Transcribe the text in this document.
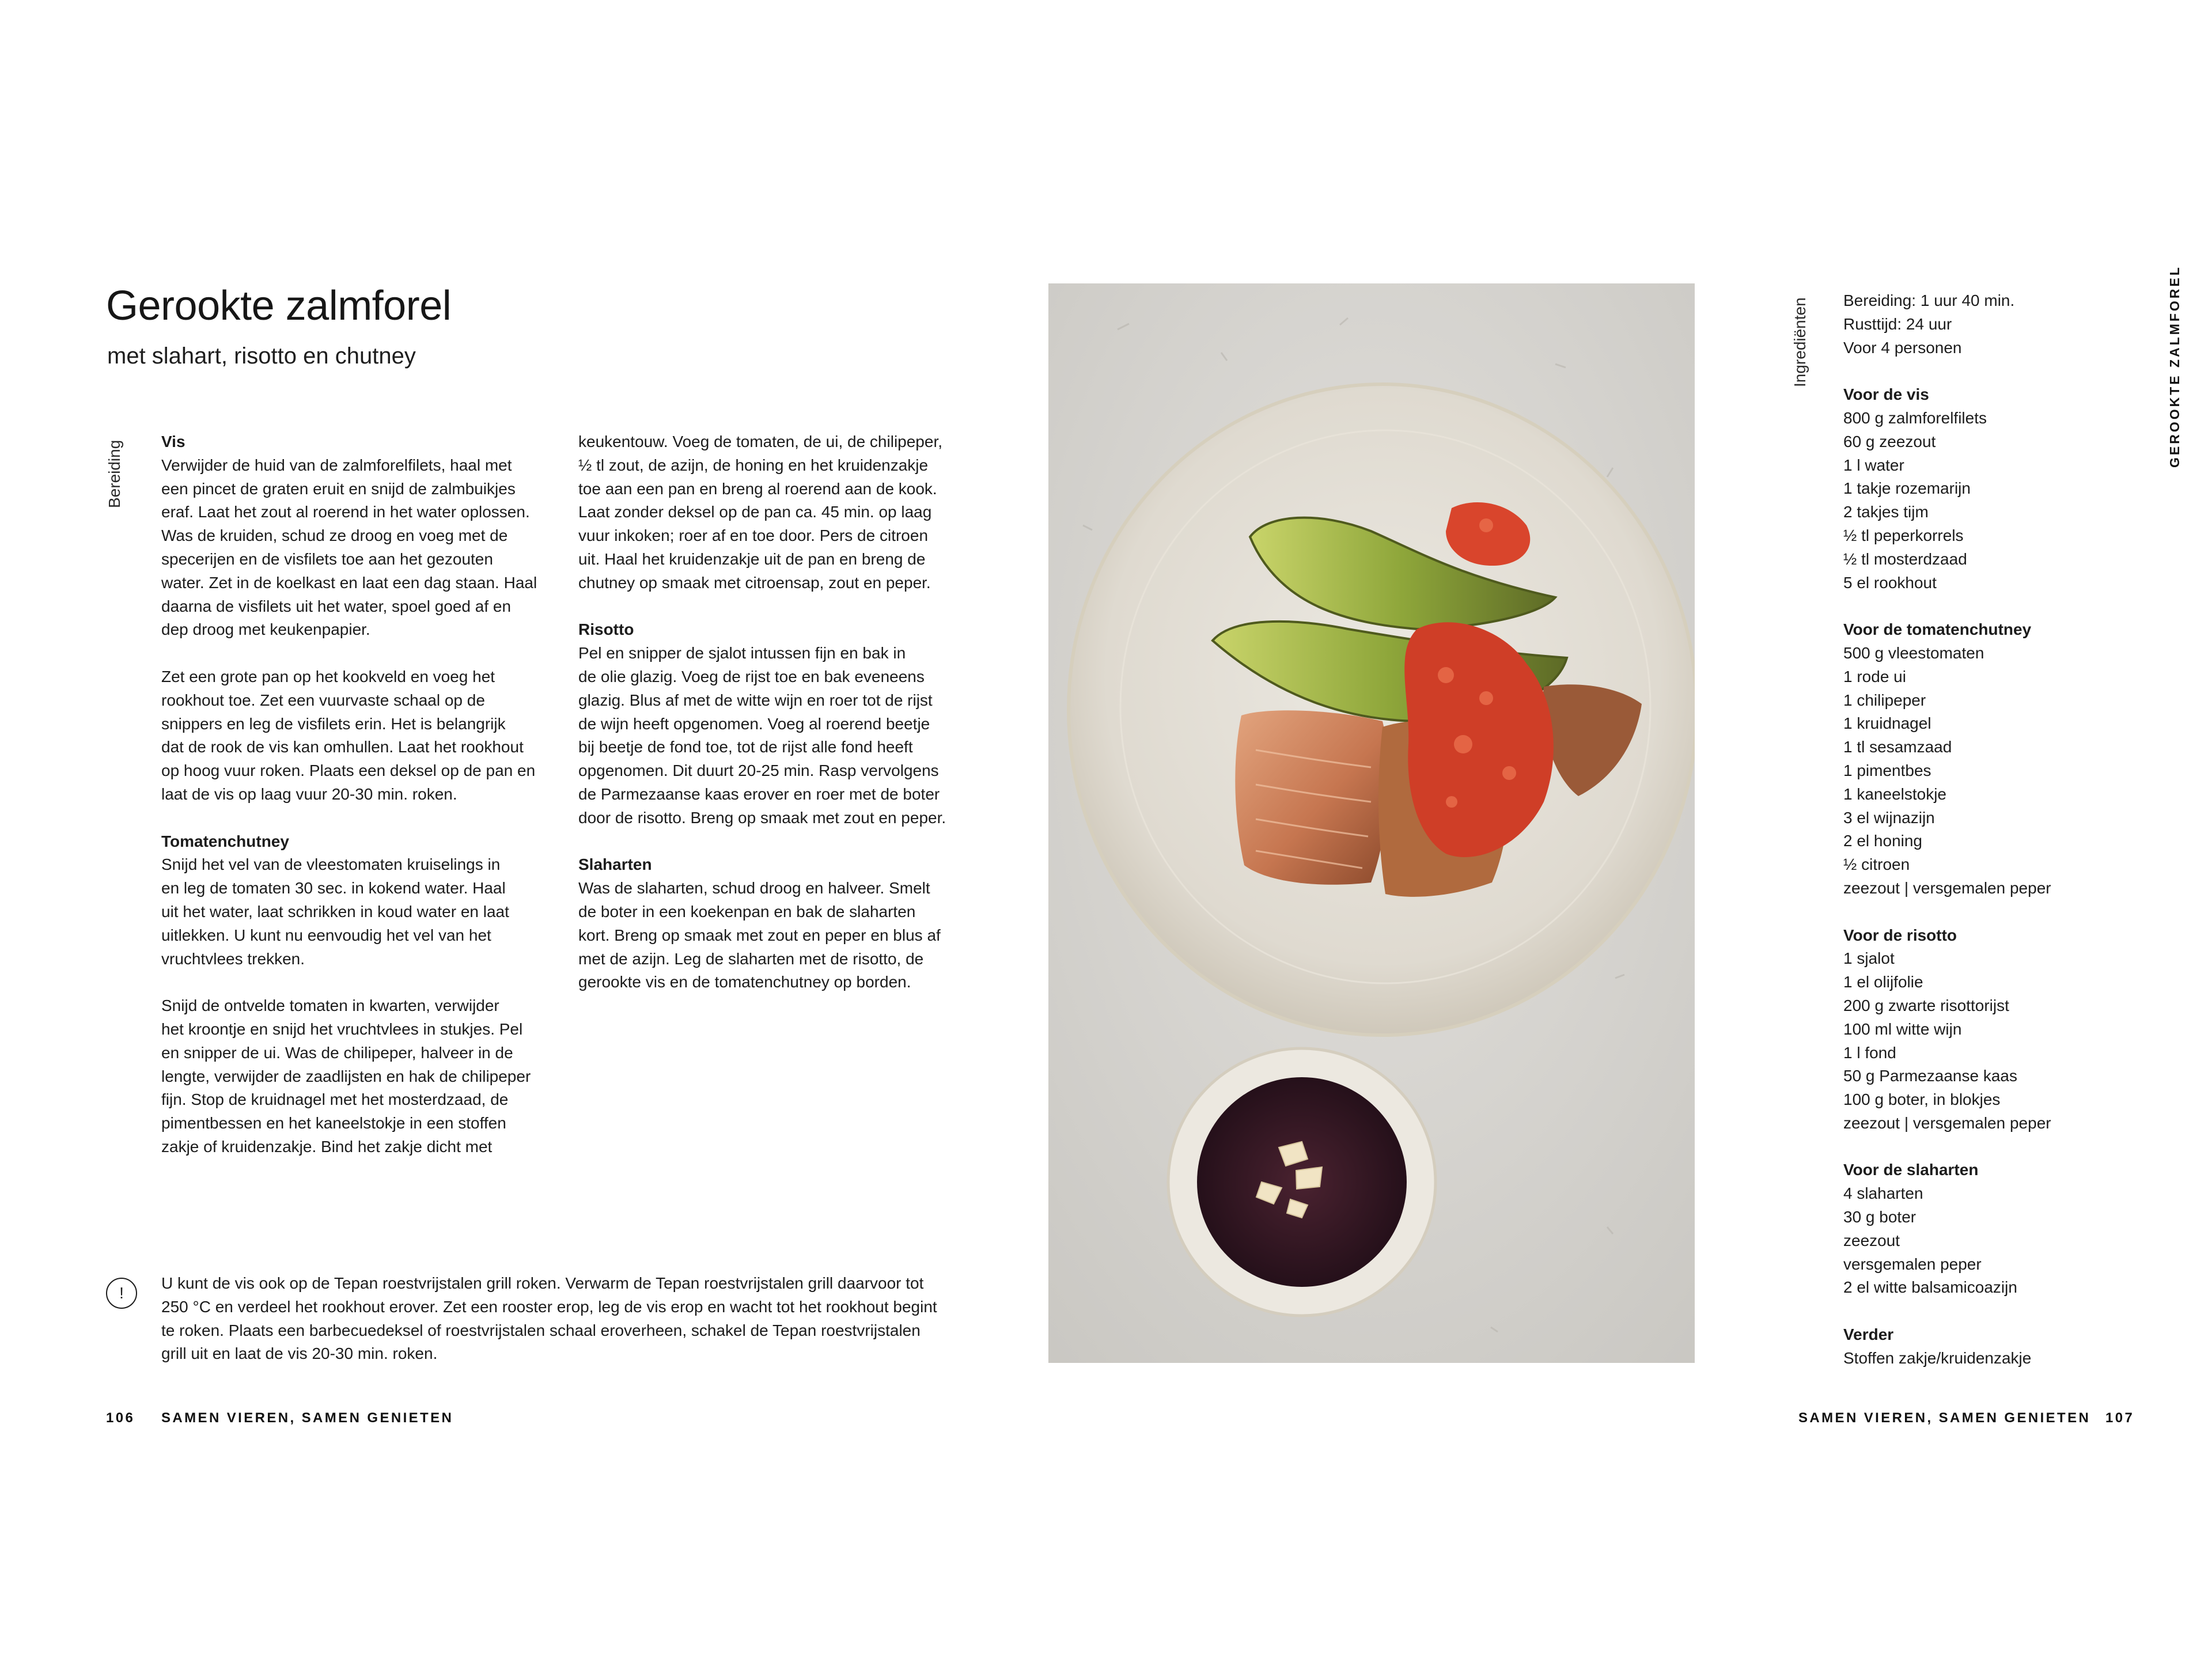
Gerookte zalmforel
met slahart, risotto en chutney
Bereiding Vis

Verwijder de huid van de zalmforelfilets, haal met
een pincet de graten eruit en snijd de zalmbuikjes
eraf. Laat het zout al roerend in het water oplossen.
Was de kruiden, schud ze droog en voeg met de
specerijen en de visfilets toe aan het gezouten
water. Zet in de koelkast en laat een dag staan. Haal
daarna de visfilets uit het water, spoel goed af en
dep droog met keukenpapier.

Zet een grote pan op het kookveld en voeg het
rookhout toe. Zet een vuurvaste schaal op de
snippers en leg de visfilets erin. Het is belangrijk
dat de rook de vis kan omhullen. Laat het rookhout
op hoog vuur roken. Plaats een deksel op de pan en
laat de vis op laag vuur 20-30 min. roken.

Tomatenchutney

Snijd het vel van de vleestomaten kruiselings in
en leg de tomaten 30 sec. in kokend water. Haal
uit het water, laat schrikken in koud water en laat
uitlekken. U kunt nu eenvoudig het vel van het
vruchtvlees trekken.

Snijd de ontvelde tomaten in kwarten, verwijder
het kroontje en snijd het vruchtvlees in stukjes. Pel
en snipper de ui. Was de chilipeper, halveer in de
lengte, verwijder de zaadlijsten en hak de chilipeper
fijn. Stop de kruidnagel met het mosterdzaad, de
pimentbessen en het kaneelstokje in een stoffen
zakje of kruidenzakje. Bind het zakje dicht met

keukentouw. Voeg de tomaten, de ui, de chilipeper,
½ tl zout, de azijn, de honing en het kruidenzakje
toe aan een pan en breng al roerend aan de kook.
Laat zonder deksel op de pan ca. 45 min. op laag
vuur inkoken; roer af en toe door. Pers de citroen
uit. Haal het kruidenzakje uit de pan en breng de
chutney op smaak met citroensap, zout en peper.

Risotto

Pel en snipper de sjalot intussen fijn en bak in
de olie glazig. Voeg de rijst toe en bak eveneens
glazig. Blus af met de witte wijn en roer tot de rijst
de wijn heeft opgenomen. Voeg al roerend beetje
bij beetje de fond toe, tot de rijst alle fond heeft
opgenomen. Dit duurt 20-25 min. Rasp vervolgens
de Parmezaanse kaas erover en roer met de boter
door de risotto. Breng op smaak met zout en peper.

Slaharten

Was de slaharten, schud droog en halveer. Smelt
de boter in een koekenpan en bak de slaharten
kort. Breng op smaak met zout en peper en blus af
met de azijn. Leg de slaharten met de risotto, de
gerookte vis en de tomatenchutney op borden.

!
U kunt de vis ook op de Tepan roestvrijstalen grill roken. Verwarm de Tepan roestvrijstalen grill daarvoor tot
250 °C en verdeel het rookhout erover. Zet een rooster erop, leg de vis erop en wacht tot het rookhout begint
te roken. Plaats een barbecuedeksel of roestvrijstalen schaal eroverheen, schakel de Tepan roestvrijstalen
grill uit en laat de vis 20-30 min. roken.
Ingrediënten Bereiding: 1 uur 40 min.
Rusttijd: 24 uur
Voor 4 personen

Voor de vis

800 g zalmforelfilets
60 g zeezout
1 l water
1 takje rozemarijn
2 takjes tijm
½ tl peperkorrels
½ tl mosterdzaad
5 el rookhout

Voor de tomatenchutney

500 g vleestomaten
1 rode ui
1 chilipeper
1 kruidnagel
1 tl sesamzaad
1 pimentbes
1 kaneelstokje
3 el wijnazijn
2 el honing
½ citroen
zeezout | versgemalen peper

Voor de risotto

1 sjalot
1 el olijfolie
200 g zwarte risottorijst
100 ml witte wijn
1 l fond
50 g Parmezaanse kaas
100 g boter, in blokjes
zeezout | versgemalen peper

Voor de slaharten

4 slaharten
30 g boter
zeezout
versgemalen peper
2 el witte balsamicoazijn

Verder

Stoffen zakje/kruidenzakje

GEROOKTE ZALMFOREL
106 SAMEN VIEREN, SAMEN GENIETEN	SAMEN VIEREN, SAMEN GENIETEN 107
